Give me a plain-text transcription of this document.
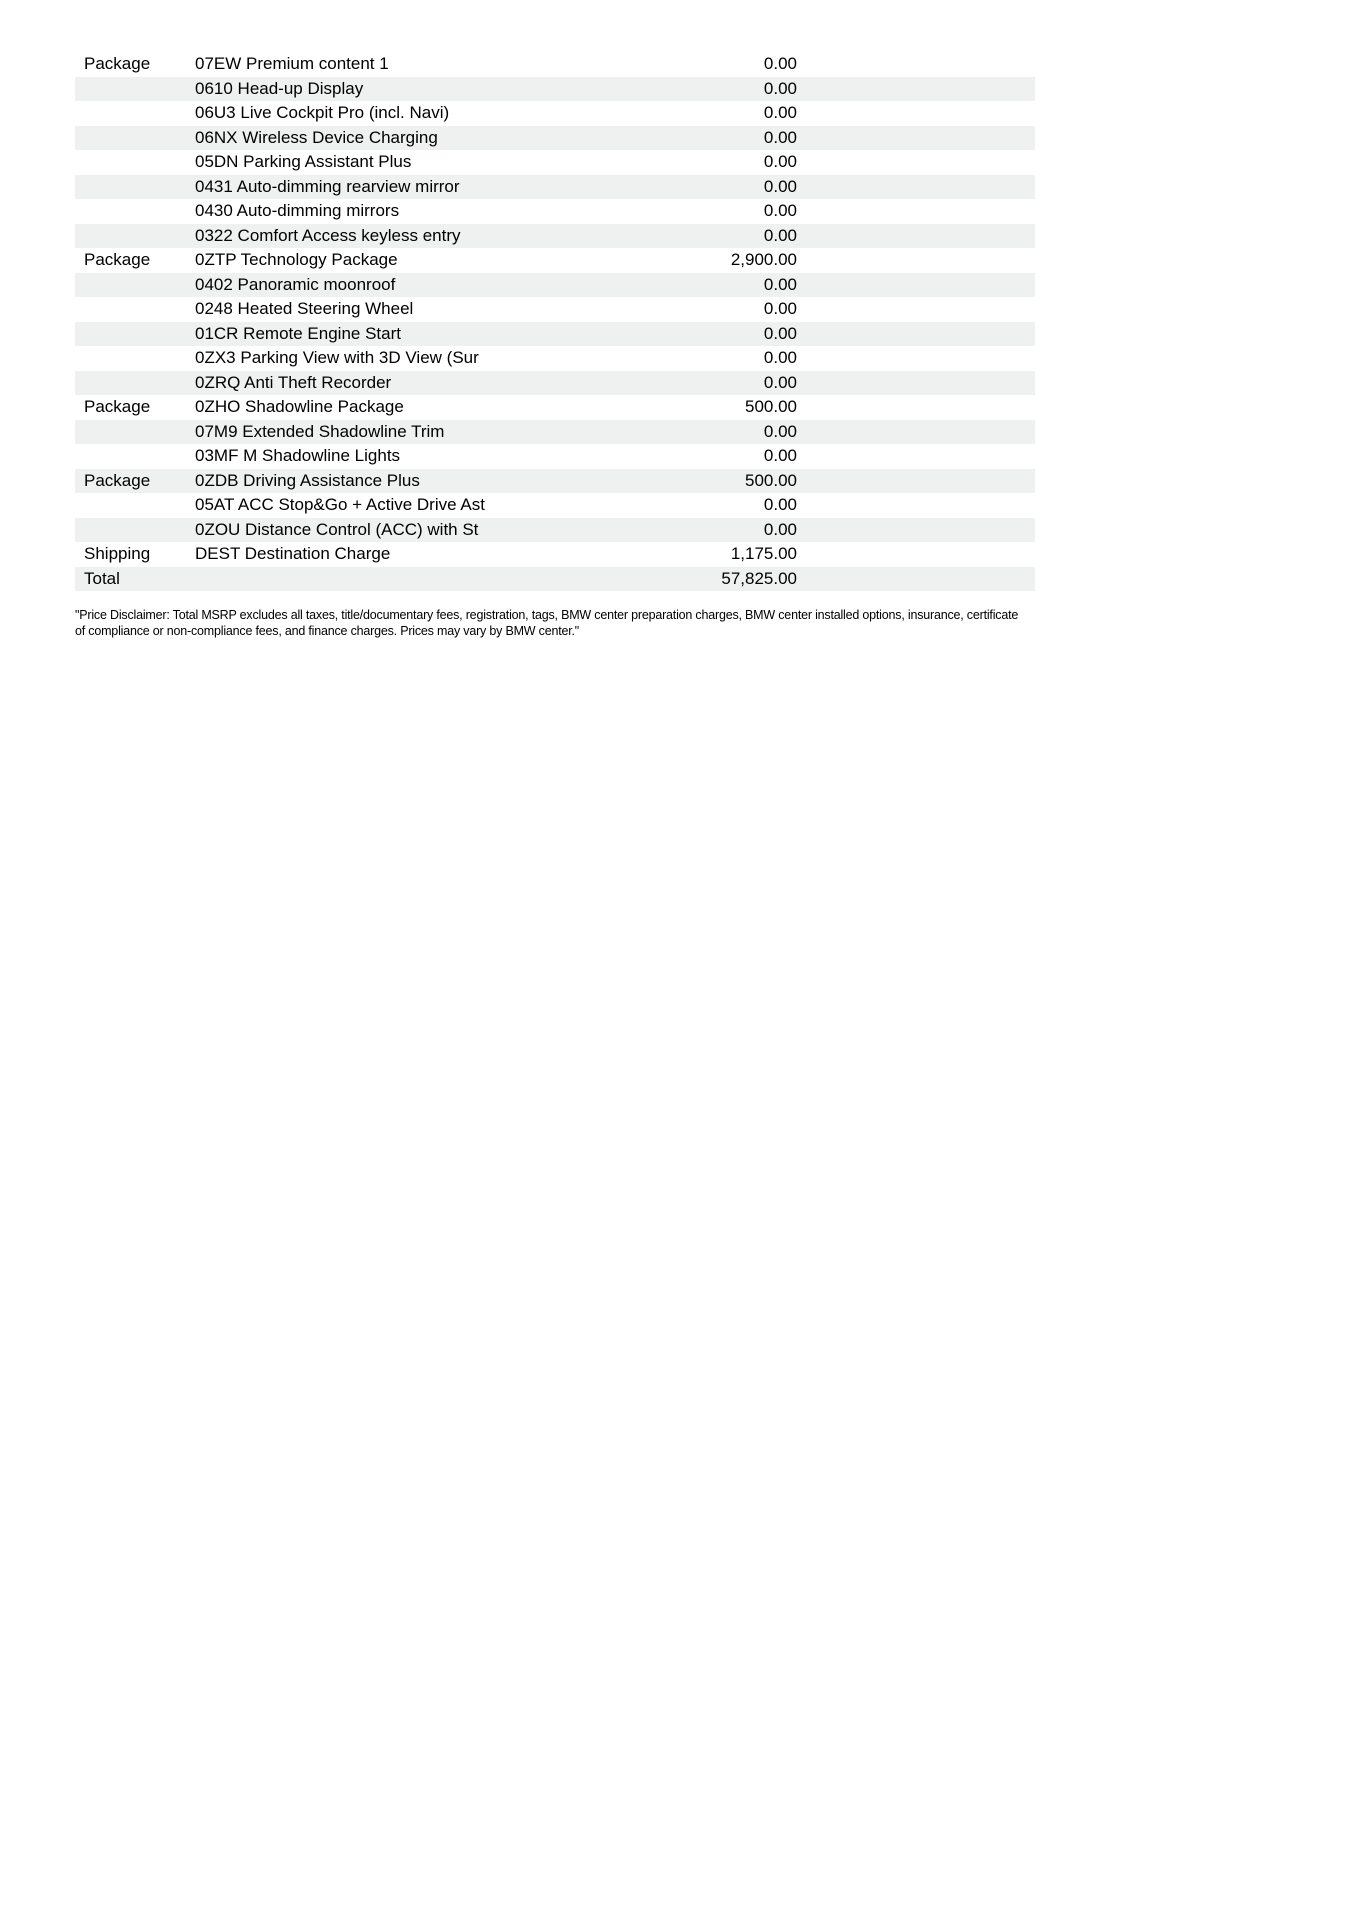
Package	07EW Premium content 1	0.00
0610 Head-up Display	0.00
06U3 Live Cockpit Pro (incl. Navi)	0.00
06NX Wireless Device Charging	0.00
05DN Parking Assistant Plus	0.00
0431 Auto-dimming rearview mirror	0.00
0430 Auto-dimming mirrors	0.00
0322 Comfort Access keyless entry	0.00
Package	0ZTP Technology Package	2,900.00
0402 Panoramic moonroof	0.00
0248 Heated Steering Wheel	0.00
01CR Remote Engine Start	0.00
0ZX3 Parking View with 3D View (Sur	0.00
0ZRQ Anti Theft Recorder	0.00
Package	0ZHO Shadowline Package	500.00
07M9 Extended Shadowline Trim	0.00
03MF M Shadowline Lights	0.00
Package	0ZDB Driving Assistance Plus	500.00
05AT ACC Stop&Go + Active Drive Ast	0.00
0ZOU Distance Control (ACC) with St	0.00
Shipping	DEST Destination Charge	1,175.00
Total	57,825.00
"Price Disclaimer: Total MSRP excludes all taxes, title/documentary fees, registration, tags, BMW center preparation charges, BMW center installed options, insurance, certificate of compliance or non-compliance fees, and finance charges. Prices may vary by BMW center."
